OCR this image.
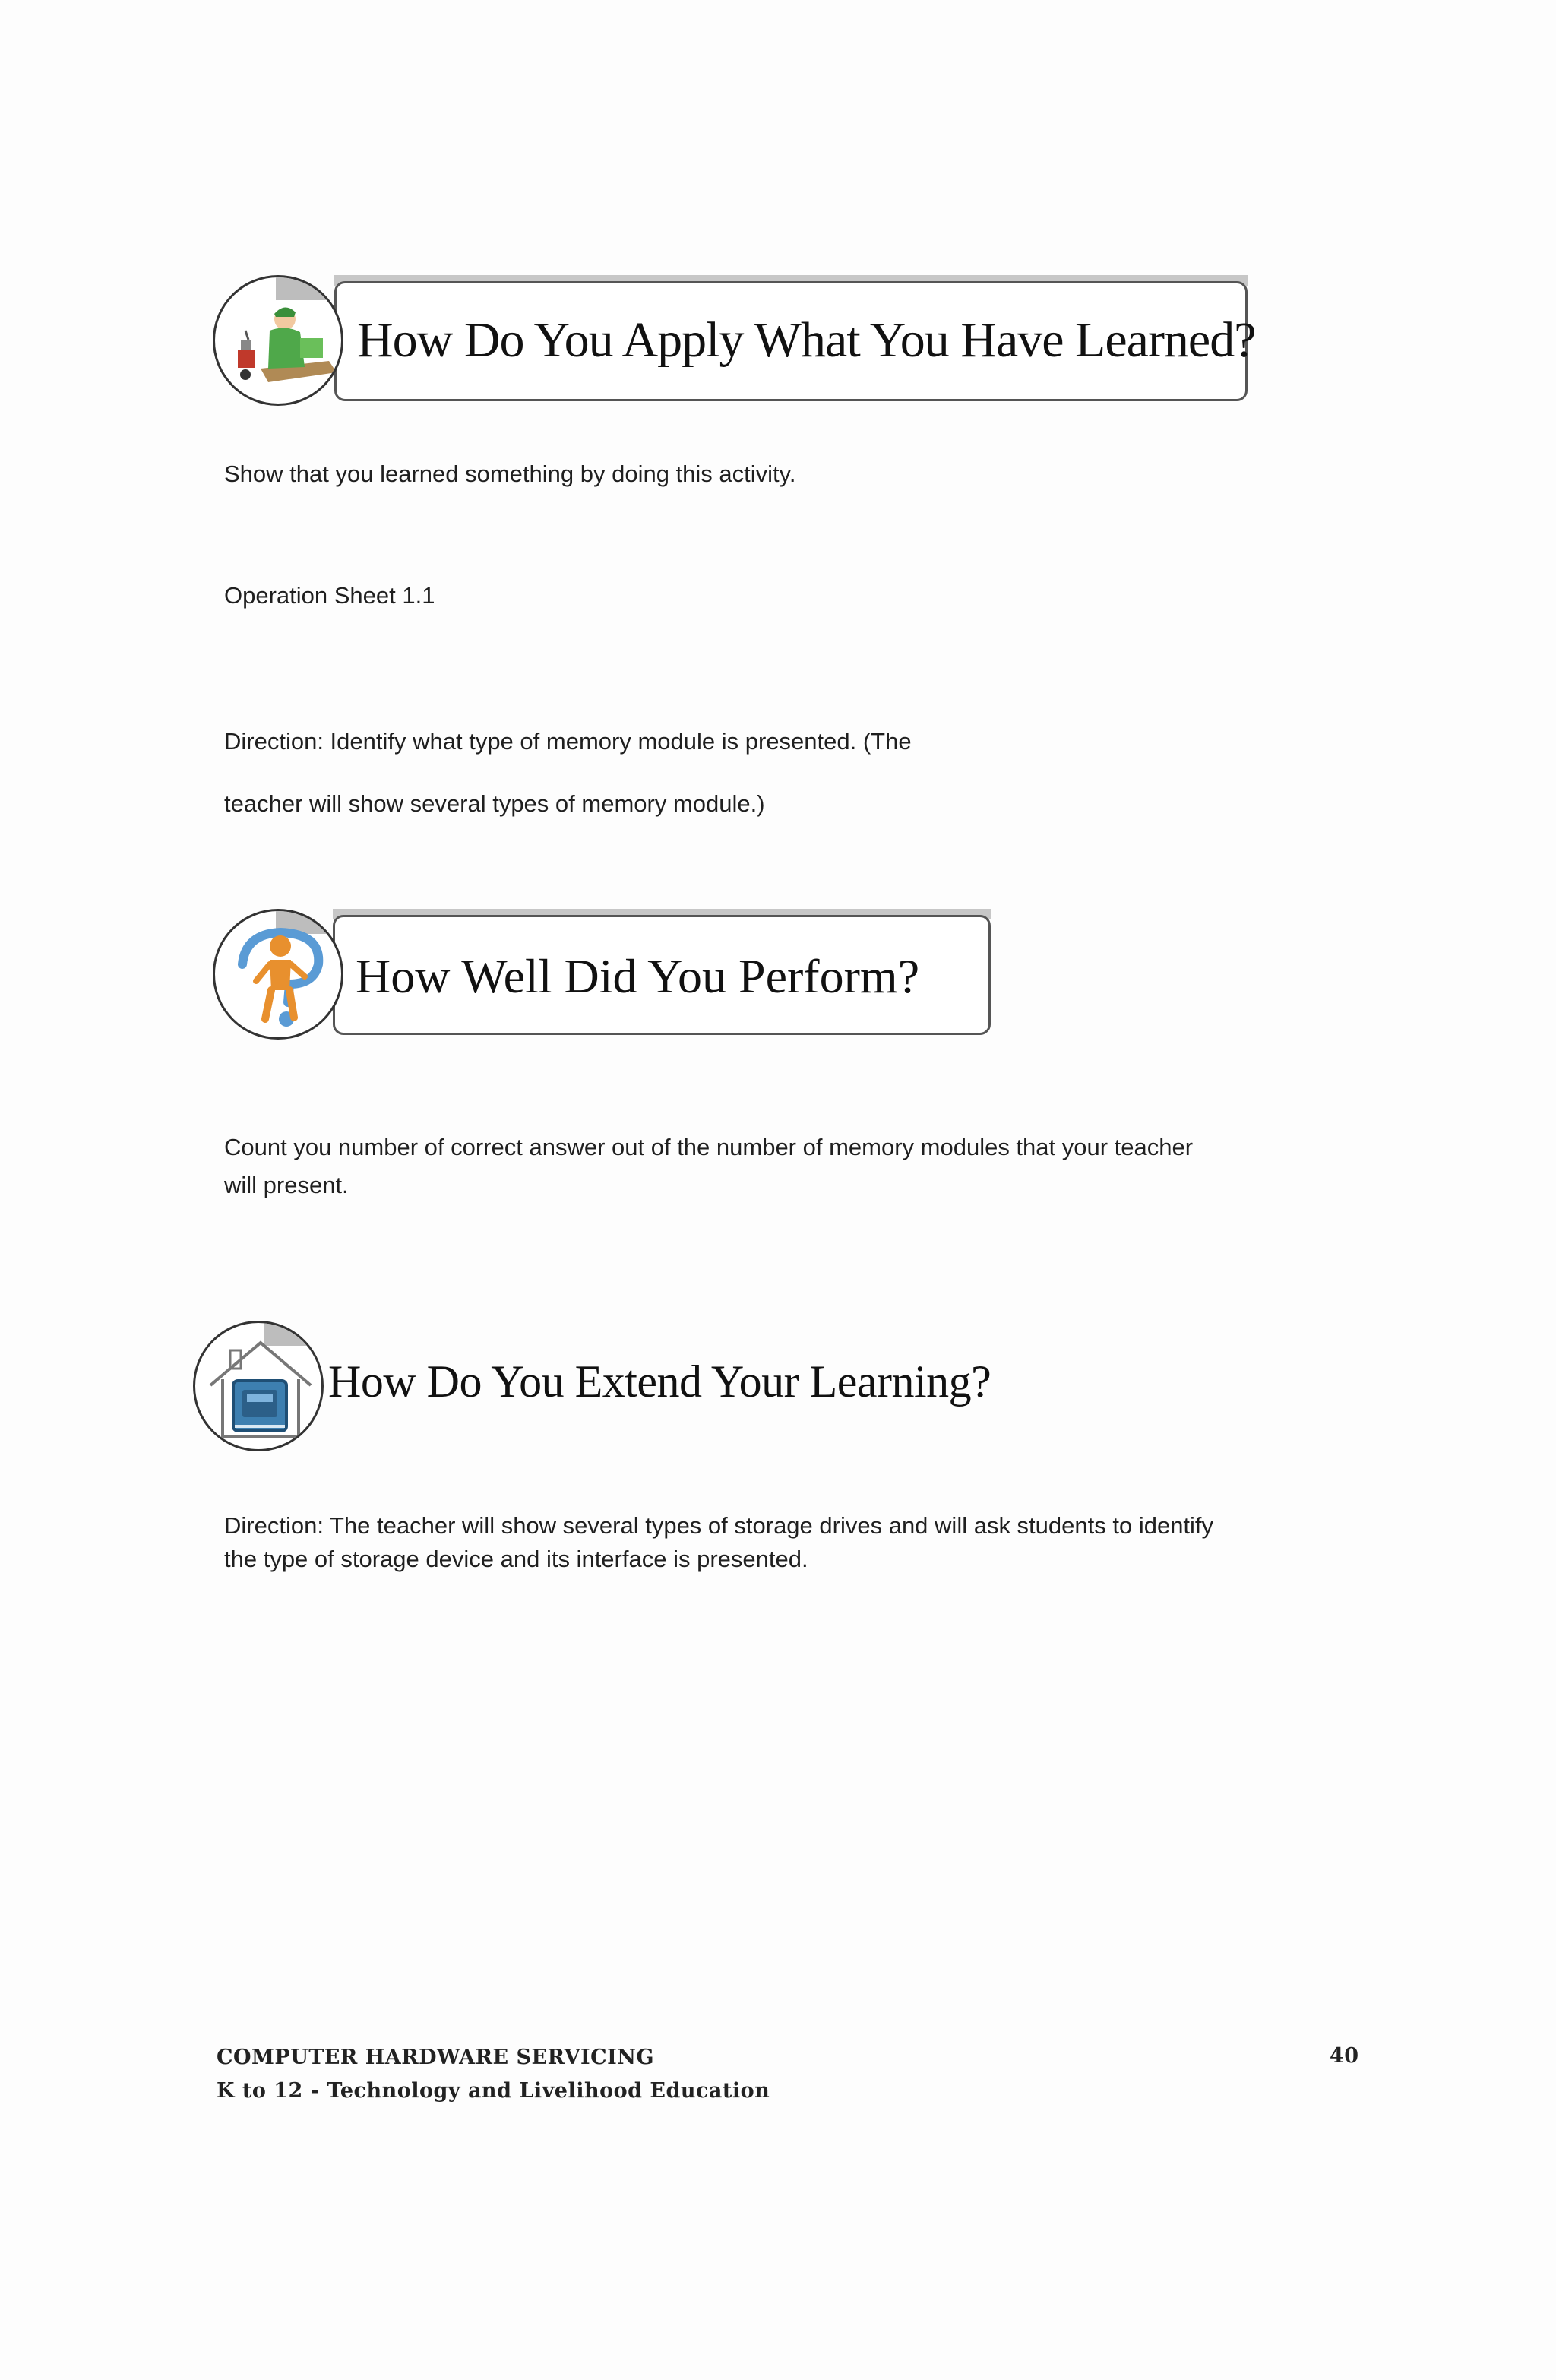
How Do You Apply What You Have Learned?
Show that you learned something by doing this activity.
Operation Sheet 1.1
Direction: Identify what type of memory module is presented. (The
teacher will show several types of memory module.)
How Well Did You Perform?
Count you number of correct answer out of the number of memory modules that your teacher
will present.
How Do You Extend Your Learning?
Direction: The teacher will show several types of storage drives and will ask students to identify
the type of storage device and its interface is presented.
COMPUTER HARDWARE SERVICING
K to 12 - Technology and Livelihood Education
40
